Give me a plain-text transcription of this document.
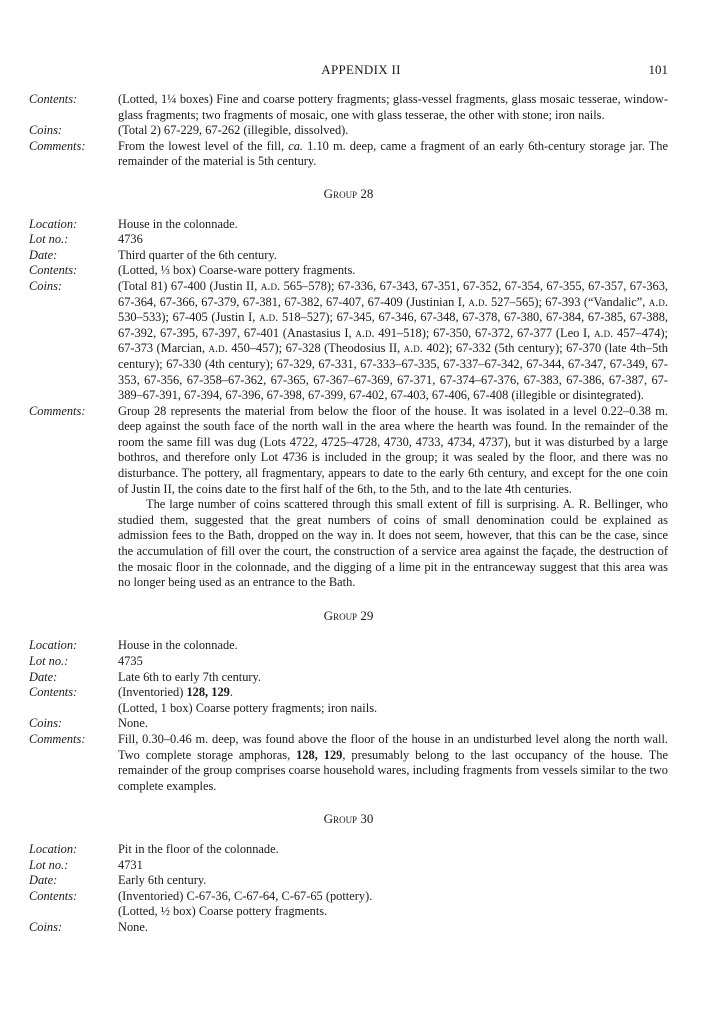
APPENDIX II	101
Contents:	(Lotted, 1¼ boxes) Fine and coarse pottery fragments; glass-vessel fragments, glass mosaic tesserae, window-glass fragments; two fragments of mosaic, one with glass tesserae, the other with stone; iron nails.
Coins:	(Total 2) 67-229, 67-262 (illegible, dissolved).
Comments:	From the lowest level of the fill, ca. 1.10 m. deep, came a fragment of an early 6th-century storage jar. The remainder of the material is 5th century.
Group 28
Location:	House in the colonnade.
Lot no.:	4736
Date:	Third quarter of the 6th century.
Contents:	(Lotted, ⅓ box) Coarse-ware pottery fragments.
Coins:	(Total 81) 67-400 (Justin II, a.d. 565–578); 67-336, 67-343, 67-351, 67-352, 67-354, 67-355, 67-357, 67-363, 67-364, 67-366, 67-379, 67-381, 67-382, 67-407, 67-409 (Justinian I, a.d. 527–565); 67-393 (“Vandalic”, a.d. 530–533); 67-405 (Justin I, a.d. 518–527); 67-345, 67-346, 67-348, 67-378, 67-380, 67-384, 67-385, 67-388, 67-392, 67-395, 67-397, 67-401 (Anastasius I, a.d. 491–518); 67-350, 67-372, 67-377 (Leo I, a.d. 457–474); 67-373 (Marcian, a.d. 450–457); 67-328 (Theodosius II, a.d. 402); 67-332 (5th century); 67-370 (late 4th–5th century); 67-330 (4th century); 67-329, 67-331, 67-333–67-335, 67-337–67-342, 67-344, 67-347, 67-349, 67-353, 67-356, 67-358–67-362, 67-365, 67-367–67-369, 67-371, 67-374–67-376, 67-383, 67-386, 67-387, 67-389–67-391, 67-394, 67-396, 67-398, 67-399, 67-402, 67-403, 67-406, 67-408 (illegible or disintegrated).
Comments:	Group 28 represents the material from below the floor of the house. It was isolated in a level 0.22–0.38 m. deep against the south face of the north wall in the area where the hearth was found. In the remainder of the room the same fill was dug (Lots 4722, 4725–4728, 4730, 4733, 4734, 4737), but it was disturbed by a large bothros, and therefore only Lot 4736 is included in the group; it was sealed by the floor, and there was no disturbance. The pottery, all fragmentary, appears to date to the early 6th century, and except for the one coin of Justin II, the coins date to the first half of the 6th, to the 5th, and to the late 4th centuries.

The large number of coins scattered through this small extent of fill is surprising. A. R. Bellinger, who studied them, suggested that the great numbers of coins of small denomination could be explained as admission fees to the Bath, dropped on the way in. It does not seem, however, that this can be the case, since the accumulation of fill over the court, the construction of a service area against the façade, the destruction of the mosaic floor in the colonnade, and the digging of a lime pit in the entranceway suggest that this area was no longer being used as an entrance to the Bath.

Group 29
Location:	House in the colonnade.
Lot no.:	4735
Date:	Late 6th to early 7th century.
Contents:	(Inventoried) 128, 129.
(Lotted, 1 box) Coarse pottery fragments; iron nails.
Coins:	None.
Comments:	Fill, 0.30–0.46 m. deep, was found above the floor of the house in an undisturbed level along the north wall. Two complete storage amphoras, 128, 129, presumably belong to the last occupancy of the house. The remainder of the group comprises coarse household wares, including fragments from vessels similar to the two complete examples.
Group 30
Location:	Pit in the floor of the colonnade.
Lot no.:	4731
Date:	Early 6th century.
Contents:	(Inventoried) C-67-36, C-67-64, C-67-65 (pottery).
(Lotted, ½ box) Coarse pottery fragments.
Coins:	None.
